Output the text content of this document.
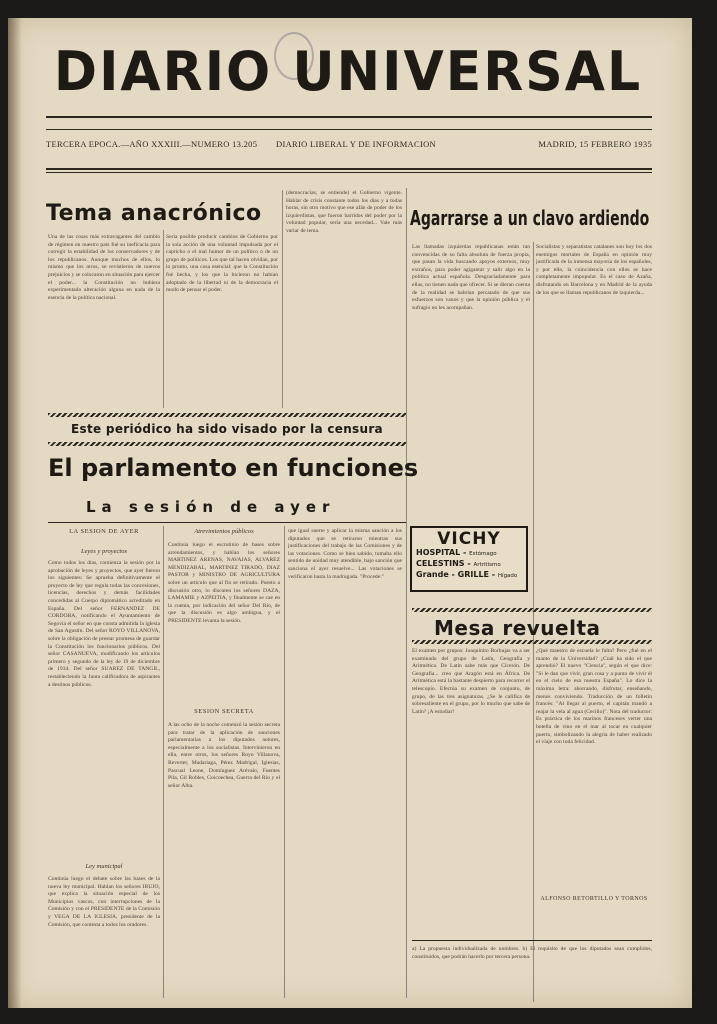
DIARIO UNIVERSAL
TERCERA EPOCA.—AÑO XXXIII.—NUMERO 13.205	DIARIO LIBERAL Y DE INFORMACION	MADRID, 15 FEBRERO 1935
Tema anacrónico
Una de las cosas más extravagantes del cambio de régimen en nuestro país fué su ineficacia para corregir la estabilidad de los conservadores y de los republicanos. Aunque muchos de ellos, lo mismo que los otros, se revistieron de nuevos prejuicios y se colocaron en situación para ejercer el poder... la Constitución no hubiera experimentado alteración alguna en nada de la esencia de la política nacional.
Sería posible producir cambios de Gobierno por la sola acción de una voluntad impulsada por el capricho o el mal humor de un político o de un grupo de políticos. Los que tal hacen olvidan, por lo pronto, una cosa esencial: que la Constitución fué hecha, y los que la hicieron no habían adoptado de la libertad ni de la democracia el modo de pensar el poder.
(democracias, se entiende) el Gobierno vigente. Hablar de crisis constante todos los días y a todas horas, sin otro motivo que ese afán de poder de los izquierdistas, que fueron barridos del poder por la voluntad popular, sería una necedad... Vale más variar de tema.
Agarrarse a un clavo ardiendo
Las llamadas izquierdas republicanas están tan convencidas de su falta absoluta de fuerza propia, que pasan la vida buscando apoyos externos, muy extraños, para poder agigantar y salir algo en la política actual española. Desgraciadamente para ellas, no tienen nada que ofrecer. Si se dieran cuenta de la realidad se habrían percatado de que sus esfuerzos son vanos y que la opinión pública y el sufragio no les acompañan.
Socialistas y separatistas catalanes son hoy los dos enemigos mortales de España en opinión muy justificada de la inmensa mayoría de los españoles, y por ello, la coincidencia con ellos se hace completamente impopular. Es el caso de Azaña, disfrutando en Barcelona y en Madrid de la ayuda de los que se llaman republicanos de izquierda...
Este periódico ha sido visado por la censura
El parlamento en funciones
La sesión de ayer
LA SESION DE AYER
Leyes y proyectos
Como todos los días, comienza la sesión por la aprobación de leyes y proyectos, que ayer fueron los siguientes: Se aprueba definitivamente el proyecto de ley que regula todas las concesiones, licencias, derechos y demás facilidades concedidas al Cuerpo diplomático acreditado en España. Del señor FERNANDEZ DE CORDOBA, notificando el Ayuntamiento de Segovia el señor en que consta admitida la iglesia de San Agustín. Del señor ROYO VILLANOVA, sobre la obligación de prestar promesa de guardar la Constitución los funcionarios públicos. Del señor CASANUEVA, modificando los artículos primero y segundo de la ley de 19 de diciembre de 1934. Del señor SUAREZ DE TANGIL, restableciendo la Junta calificadora de aspirantes a destinos públicos.
Ley municipal
Continúa luego el debate sobre las bases de la nueva ley municipal. Hablan los señores IRUJO, que explica la situación especial de los Municipios vascos, con interrupciones de la Comisión y con el PRESIDENTE de la Comisión y VEGA DE LA IGLESIA, presidente de la Comisión, que contesta a todos los oradores.
Atrevimientos públicos
Continúa luego el escrutinio de bases sobre arrendamientos, y hablan los señores MARTINEZ ARENAS, NAVAJAS, ALVAREZ MENDIZABAL, MARTINEZ TIRADO, DIAZ PASTOR y MINISTRO DE AGRICULTURA sobre un artículo que al fin se retirado. Puesto a discusión otro, lo discuten los señores DAZA, LAMAMIE y AZPEITIA, y finalmente se cae en la cuenta, por indicación del señor Del Río, de que la discusión es algo ambigua, y el PRESIDENTE levanta la sesión.
SESION SECRETA
A las ocho de la noche comenzó la sesión secreta para tratar de la aplicación de sanciones parlamentarias a los diputados autores, especialmente a los socialistas. Intervinieron en ella, entre otros, los señores Royo Villanova, Reverter, Madariaga, Pérez Madrigal, Iglesias, Pascual Leone, Domínguez Arévalo, Fuentes Pila, Gil Robles, Goicoechea, Guerra del Río y el señor Alba.
que igual suerte y aplicar la misma sanción a los diputados que se retiraron mientras sus justificaciones del trabajo de las Comisiones y de las votaciones. Como se bien sabido, tomaba ello sentido de unidad muy atendible, bajo sanción que sanciona el ayer resuelve... Las votaciones se verificaron hasta la madrugada. "Procede:"
VICHY
HOSPITAL - Estómago
CELESTINS - Artritismo
Grande - GRILLE - Hígado
Mesa revuelta
El examen por grupos: Joaquinito Borbujas va a ser examinado del grupo de Latín, Geografía y Aritmética. De Latín sabe más que Cicerón. De Geografía... creo que Aragón está en África. De Aritmética está la bastante despierto para recorrer el telescopio. Efectúa su examen de conjunto, de grupo, de las tres asignaturas. ¿Se le califica de sobresaliente en el grupo, por lo mucho que sabe de Latín? ¡A estudiar!
¿Qué maestro de escuela le falta? Pero ¿fué en el manto de la Universidad? ¿Cuál ha sido el que aprendió? El nuevo "Ciencia", según el que dice: "Si le dan que vivir, gran cosa y a punto de vivir él en el cielo de esa nuestra España". Lo dice la máxima letra: ahorrando, disfrutar, enseñando, menos conviviendo. Traducción de un folletín francés: "Al llegar al puerto, el capitán mandó a reajar la vela al agua (Cecilio)". Nota del traductor: Es práctica de los marinos franceses verter una botella de vino en el mar al tocar en cualquier puerto, simbolizando la alegría de haber realizado el viaje con toda felicidad.
ALFONSO RETORTILLO Y TORNOS
a) La propuesta individualizada de nombres. b) El requisito de que los diputados sean cumplidos, constituidos, que podrán hacerlo por tercera persona.
